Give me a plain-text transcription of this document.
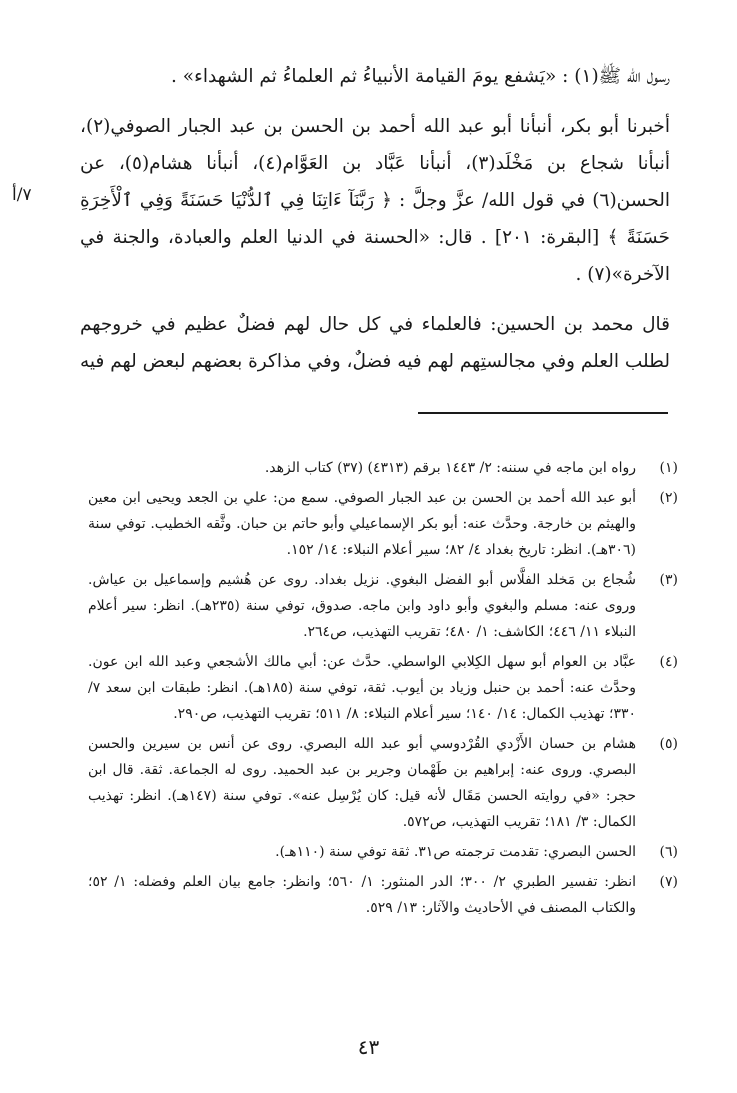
٧/أ

رسول الله ﷺ(١) : «يَشفع يومَ القيامة الأنبياءُ ثم العلماءُ ثم الشهداء» .

أخبرنا أبو بكر، أنبأنا أبو عبد الله أحمد بن الحسن بن عبد الجبار الصوفي(٢)، أنبأنا شجاع بن مَخْلَد(٣)، أنبأنا عَبَّاد بن العَوَّام(٤)، أنبأنا هشام(٥)، عن الحسن(٦) في قول الله/ عزَّ وجلَّ : ﴿ رَبَّنَآ ءَاتِنَا فِي ٱلدُّنْيَا حَسَنَةً وَفِي ٱلْأَخِرَةِ حَسَنَةً ﴾ [البقرة: ٢٠١] . قال: «الحسنة في الدنيا العلم والعبادة، والجنة في الآخرة»(٧) .

قال محمد بن الحسين: فالعلماء في كل حال لهم فضلٌ عظيم في خروجهم لطلب العلم وفي مجالستِهم لهم فيه فضلٌ، وفي مذاكرة بعضهم لبعض لهم فيه

(١)
رواه ابن ماجه في سننه: ٢/ ١٤٤٣ برقم (٤٣١٣) (٣٧) كتاب الزهد.
(٢)
أبو عبد الله أحمد بن الحسن بن عبد الجبار الصوفي. سمع من: علي بن الجعد ويحيى ابن معين والهيثم بن خارجة. وحدَّث عنه: أبو بكر الإسماعيلي وأبو حاتم بن حبان. وثَّقه الخطيب. توفي سنة (٣٠٦هـ). انظر: تاريخ بغداد ٤/ ٨٢؛ سير أعلام النبلاء: ١٤/ ١٥٢.
(٣)
شُجاع بن مَخلد الفلَّاس أبو الفضل البغوي. نزيل بغداد. روى عن هُشيم وإسماعيل بن عياش. وروى عنه: مسلم والبغوي وأبو داود وابن ماجه. صدوق، توفي سنة (٢٣٥هـ). انظر: سير أعلام النبلاء ١١/ ٤٤٦؛ الكاشف: ١/ ٤٨٠؛ تقريب التهذيب، ص٢٦٤.
(٤)
عبَّاد بن العوام أبو سهل الكِلابي الواسطي. حدَّث عن: أبي مالك الأشجعي وعبد الله ابن عون. وحدَّث عنه: أحمد بن حنبل وزياد بن أيوب. ثقة، توفي سنة (١٨٥هـ). انظر: طبقات ابن سعد ٧/ ٣٣٠؛ تهذيب الكمال: ١٤/ ١٤٠؛ سير أعلام النبلاء: ٨/ ٥١١؛ تقريب التهذيب، ص٢٩٠.
(٥)
هشام بن حسان الأَزْدي القُرْدوسي أبو عبد الله البصري. روى عن أنس بن سيرين والحسن البصري. وروى عنه: إبراهيم بن طَهْمان وجرير بن عبد الحميد. روى له الجماعة. ثقة. قال ابن حجر: «في روايته الحسن مَقَال لأنه قيل: كان يُرْسِل عنه». توفي سنة (١٤٧هـ). انظر: تهذيب الكمال: ٣/ ١٨١؛ تقريب التهذيب، ص٥٧٢.
(٦)
الحسن البصري: تقدمت ترجمته ص٣١. ثقة توفي سنة (١١٠هـ).
(٧)
انظر: تفسير الطبري ٢/ ٣٠٠؛ الدر المنثور: ١/ ٥٦٠؛ وانظر: جامع بيان العلم وفضله: ١/ ٥٢؛ والكتاب المصنف في الأحاديث والآثار: ١٣/ ٥٢٩.
٤٣
